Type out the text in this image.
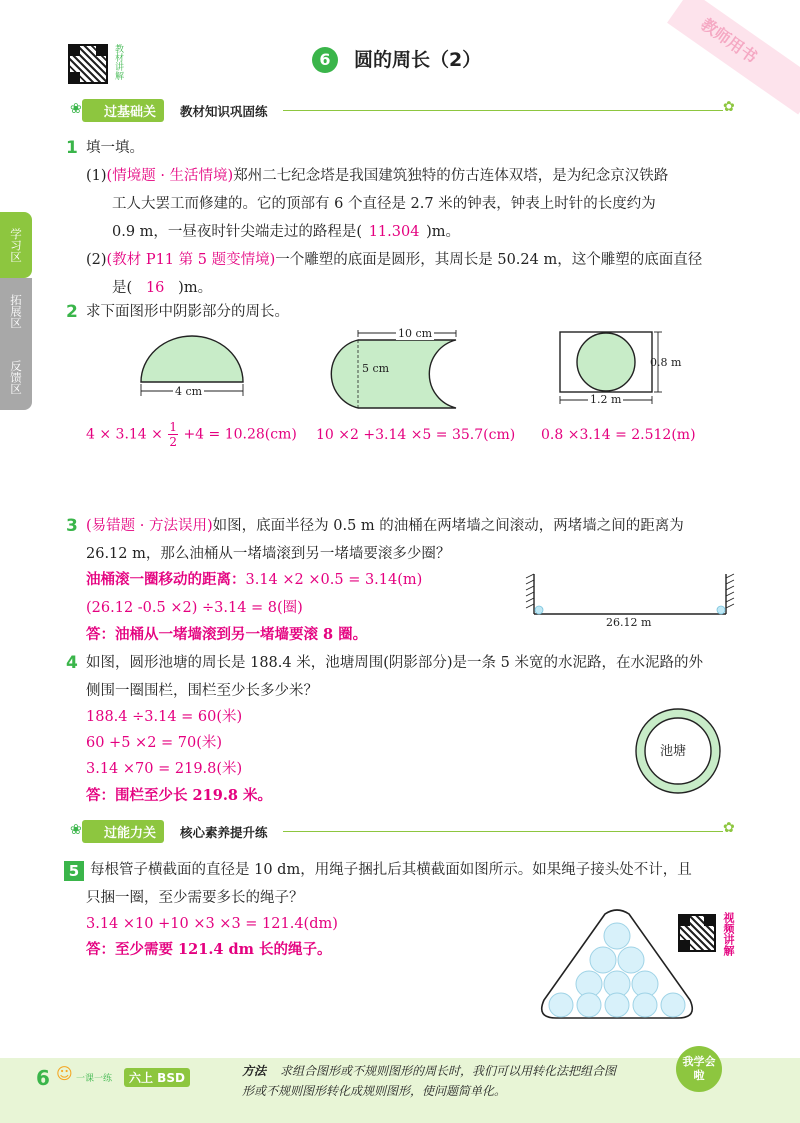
教师用书
教材讲解	6	圆的周长（2）
学习区
拓展区
反馈区
❀	过基础关	教材知识巩固练	✿
1 填一填。
(1)(情境题 · 生活情境)郑州二七纪念塔是我国建筑独特的仿古连体双塔，是为纪念京汉铁路
工人大罢工而修建的。它的顶部有 6 个直径是 2.7 米的钟表，钟表上时针的长度约为
0.9 m，一昼夜时针尖端走过的路程是( 11.304 )m。
(2)(教材 P11 第 5 题变情境)一个雕塑的底面是圆形，其周长是 50.24 m，这个雕塑的底面直径
是( 16 )m。
2 求下面图形中阴影部分的周长。
4 cm
10 cm
5 cm	0.8 m
1.2 m
$4 \times 3.14 \times \frac{1}{2} +4 = 10.28(cm)$ 10 ×2 +3.14 ×5 = 35.7(cm) 0.8 ×3.14 = 2.512(m)
3 (易错题 · 方法误用)如图，底面半径为 0.5 m 的油桶在两堵墙之间滚动，两堵墙之间的距离为
26.12 m，那么油桶从一堵墙滚到另一堵墙要滚多少圈？
油桶滚一圈移动的距离：3.14 ×2 ×0.5 = 3.14(m)
(26.12 -0.5 ×2) ÷3.14 = 8(圈)
答：油桶从一堵墙滚到另一堵墙要滚 8 圈。
26.12 m
4 如图，圆形池塘的周长是 188.4 米，池塘周围(阴影部分)是一条 5 米宽的水泥路，在水泥路的外
侧围一圈围栏，围栏至少长多少米？
188.4 ÷3.14 = 60(米)
60 +5 ×2 = 70(米)
3.14 ×70 = 219.8(米)
答：围栏至少长 219.8 米。
池塘
❀	过能力关	核心素养提升练	✿
5 每根管子横截面的直径是 10 dm，用绳子捆扎后其横截面如图所示。如果绳子接头处不计，且
只捆一圈，至少需要多长的绳子？
3.14 ×10 +10 ×3 ×3 = 121.4(dm)
答：至少需要 121.4 dm 长的绳子。	视频讲解
6 ☺ 一课一练	六上 BSD	方法 求组合图形或不规则图形的周长时，我们可以用转化法把组合图
形或不规则图形转化成规则图形，使问题简单化。
我学会啦
